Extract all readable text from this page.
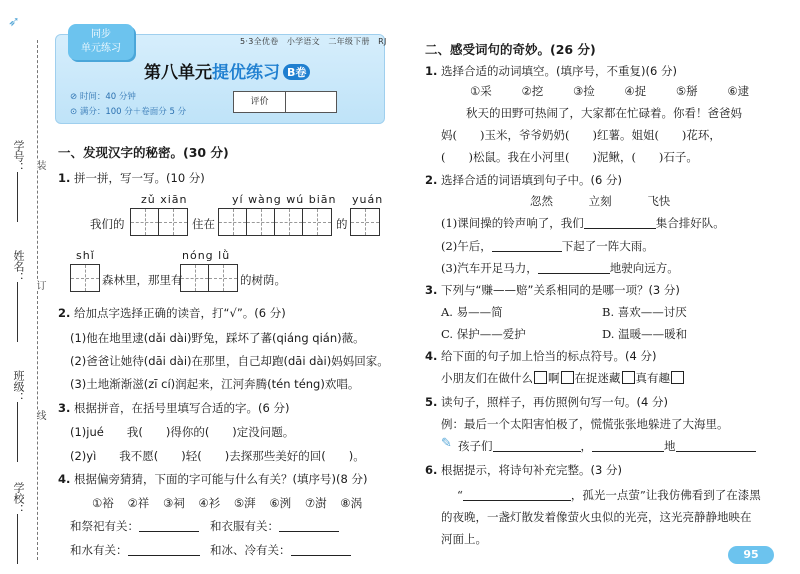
➶
学号：
姓名：
班级：
学校：
装
订
线
同步
单元练习
5·3全优卷　小学语文　二年级下册　RJ
第八单元提优练习 B卷
⊘ 时间：40 分钟
⊙ 满分：100 分＋卷面分 5 分
评价
一、发现汉字的秘密。(30 分)
1. 拼一拼，写一写。(10 分)
zǔ xiān	yí wàng wú biān yuán
我们的	住在	的
shǐ	nóng lǜ
森林里，那里有	的树荫。
2. 给加点字选择正确的读音，打“√”。(6 分)
(1)他在地里逮(dǎi dài)野兔，踩坏了蕃(qiáng qián)薇。
(2)爸爸让她待(dāi dài)在那里，自己却跑(dāi dài)妈妈回家。
(3)土地渐渐滋(zī cí)润起来，江河奔腾(tén téng)欢唱。
3. 根据拼音，在括号里填写合适的字。(6 分)
(1)jué　　我(　　)得你的(　　)定没问题。
(2)yì　　我不愿(　　)轻(　　)去探那些美好的回(　　)。
4. 根据偏旁猜猜，下面的字可能与什么有关？(填序号)(8 分)
①裕 ②祥 ③祠 ④衫 ⑤湃 ⑥洌 ⑦澍 ⑧涡
和祭祀有关：	和衣服有关：
和水有关：	和冰、冷有关：
二、感受词句的奇妙。(26 分)
1. 选择合适的动词填空。(填序号，不重复)(6 分)
①采	②挖	③捡	④捉	⑤掰	⑥逮
秋天的田野可热闹了，大家都在忙碌着。你看！爸爸妈
妈(　　)玉米，爷爷奶奶(　　)红薯。姐姐(　　)花环，
(　　)松鼠。我在小河里(　　)泥鳅，(　　)石子。
2. 选择合适的词语填到句子中。(6 分)
忽然	立刻	飞快
(1)课间操的铃声响了，我们	集合排好队。
(2)午后，	下起了一阵大雨。
(3)汽车开足马力，	地驶向远方。
3. 下列与“赚——赔”关系相同的是哪一项？(3 分)
A. 易——简	B. 喜欢——讨厌
C. 保护——爱护	D. 温暖——暖和
4. 给下面的句子加上恰当的标点符号。(4 分)
小朋友们在做什么 啊 在捉迷藏 真有趣
5. 读句子，照样子，再仿照例句写一句。(4 分)
例：最后一个太阳害怕极了，慌慌张张地躲进了大海里。
✎ 孩子们	，	地
6. 根据提示，将诗句补充完整。(3 分)
“	，孤光一点萤”让我仿佛看到了在漆黑
的夜晚，一盏灯散发着像萤火虫似的光亮，这光亮静静地映在
河面上。
95
